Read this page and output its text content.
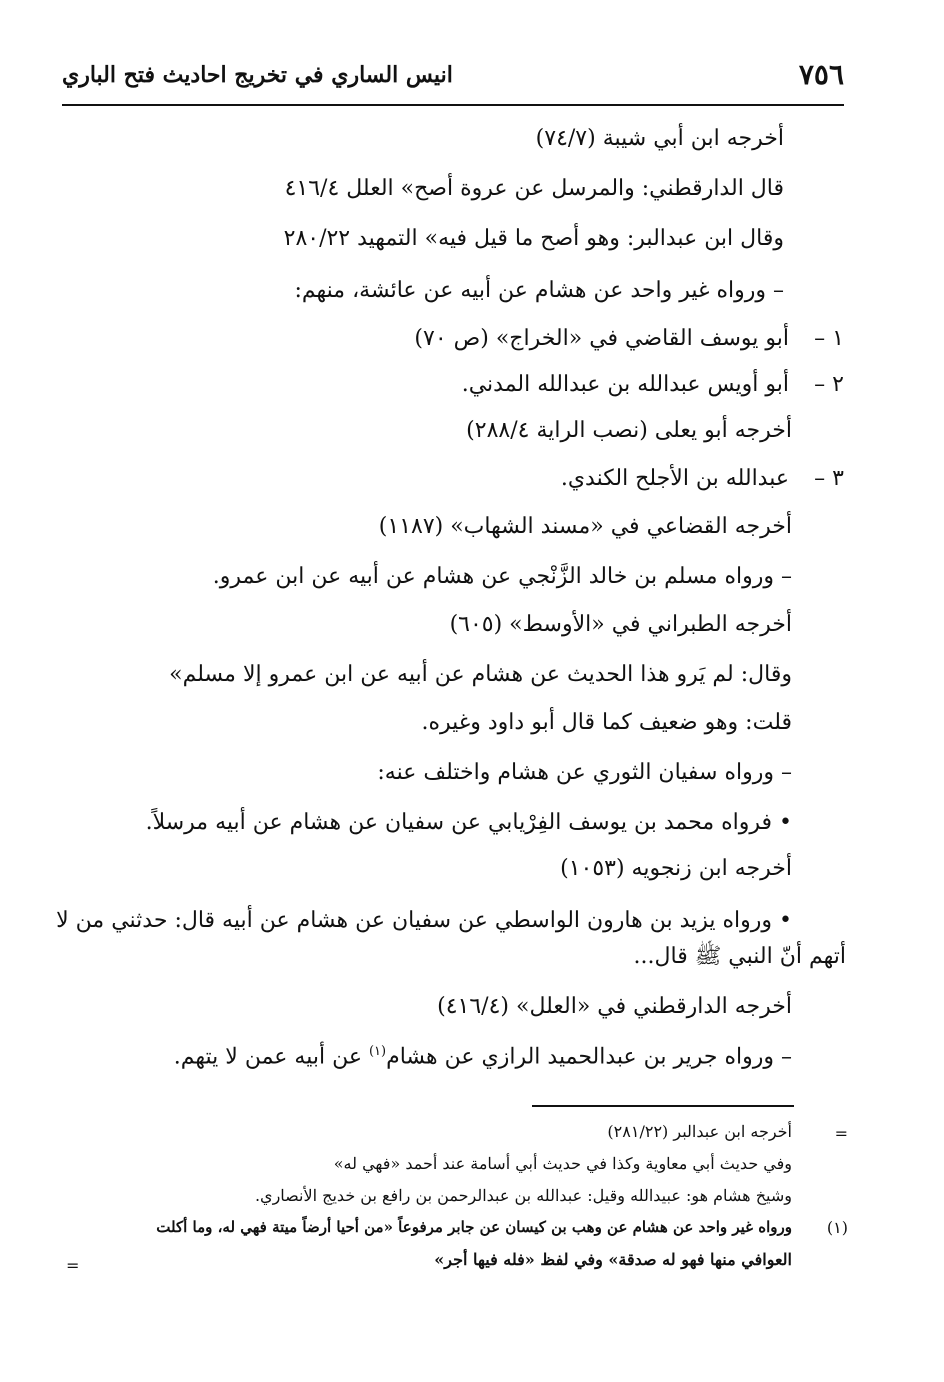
٧٥٦
انيس الساري في تخريج احاديث فتح الباري
أخرجه ابن أبي شيبة (٧٤/٧)
قال الدارقطني: والمرسل عن عروة أصح» العلل ٤١٦/٤
وقال ابن عبدالبر: وهو أصح ما قيل فيه» التمهيد ٢٨٠/٢٢
– ورواه غير واحد عن هشام عن أبيه عن عائشة، منهم:
١ – أبو يوسف القاضي في «الخراج» (ص ٧٠)
٢ – أبو أويس عبدالله بن عبدالله المدني.
أخرجه أبو يعلى (نصب الراية ٢٨٨/٤)
٣ – عبدالله بن الأجلح الكندي.
أخرجه القضاعي في «مسند الشهاب» (١١٨٧)
– ورواه مسلم بن خالد الزَّنْجي عن هشام عن أبيه عن ابن عمرو.
أخرجه الطبراني في «الأوسط» (٦٠٥)
وقال: لم يَرو هذا الحديث عن هشام عن أبيه عن ابن عمرو إلا مسلم»
قلت: وهو ضعيف كما قال أبو داود وغيره.
– ورواه سفيان الثوري عن هشام واختلف عنه:
• فرواه محمد بن يوسف الفِرْيابي عن سفيان عن هشام عن أبيه مرسلاً.
أخرجه ابن زنجويه (١٠٥٣)
• ورواه يزيد بن هارون الواسطي عن سفيان عن هشام عن أبيه قال: حدثني من لا
أتهم أنّ النبي ﷺ قال...
أخرجه الدارقطني في «العلل» (٤١٦/٤)
– ورواه جرير بن عبدالحميد الرازي عن هشام$^{(١)}$ عن أبيه عمن لا يتهم.
=
أخرجه ابن عبدالبر (٢٨١/٢٢)
وفي حديث أبي معاوية وكذا في حديث أبي أسامة عند أحمد «فهي له»
وشيخ هشام هو: عبيدالله وقيل: عبدالله بن عبدالرحمن بن رافع بن خديج الأنصاري.
(١)
ورواه غير واحد عن هشام عن وهب بن كيسان عن جابر مرفوعاً «من أحيا أرضاً ميتة فهي له، وما أكلت
العوافي منها فهو له صدقة» وفي لفظ «فله فيها أجر»
=
